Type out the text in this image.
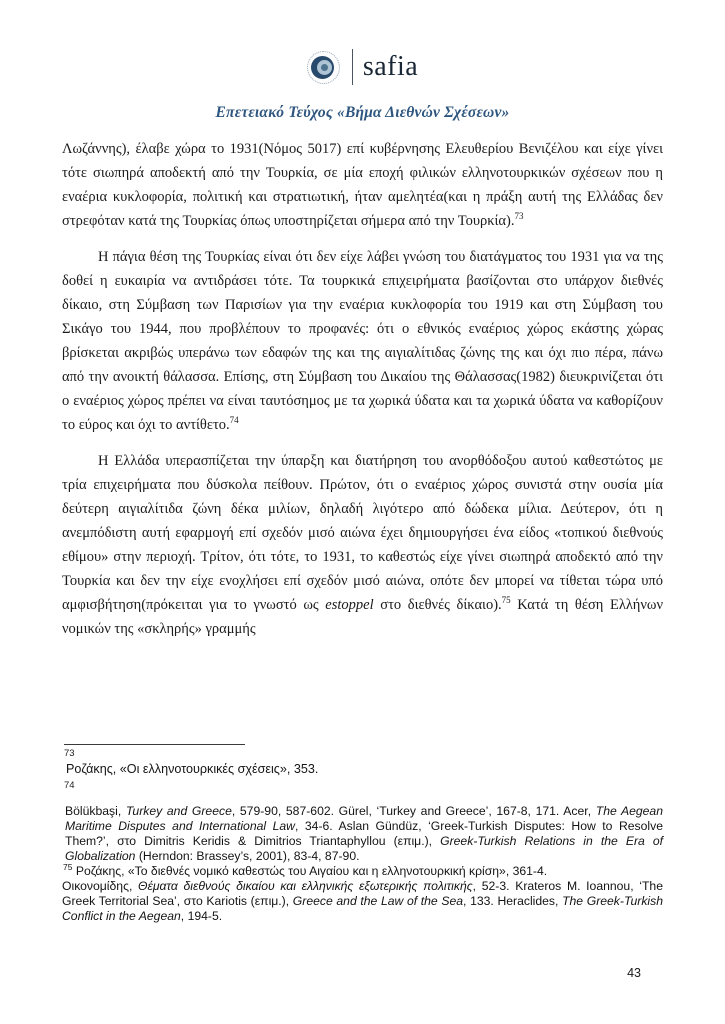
safia
Επετειακό Τεύχος «Βήμα Διεθνών Σχέσεων»

Λωζάννης), έλαβε χώρα το 1931(Νόμος 5017) επί κυβέρνησης Ελευθερίου Βενιζέλου και είχε γίνει τότε σιωπηρά αποδεκτή από την Τουρκία, σε μία εποχή φιλικών ελληνοτουρκικών σχέσεων που η εναέρια κυκλοφορία, πολιτική και στρατιωτική, ήταν αμελητέα(και η πράξη αυτή της Ελλάδας δεν στρεφόταν κατά της Τουρκίας όπως υποστηρίζεται σήμερα από την Τουρκία).$^{73}$

Η πάγια θέση της Τουρκίας είναι ότι δεν είχε λάβει γνώση του διατάγματος του 1931 για να της δοθεί η ευκαιρία να αντιδράσει τότε. Τα τουρκικά επιχειρήματα βασίζονται στο υπάρχον διεθνές δίκαιο, στη Σύμβαση των Παρισίων για την εναέρια κυκλοφορία του 1919 και στη Σύμβαση του Σικάγο του 1944, που προβλέπουν το προφανές: ότι ο εθνικός εναέριος χώρος εκάστης χώρας βρίσκεται ακριβώς υπεράνω των εδαφών της και της αιγιαλίτιδας ζώνης της και όχι πιο πέρα, πάνω από την ανοικτή θάλασσα. Επίσης, στη Σύμβαση του Δικαίου της Θάλασσας(1982) διευκρινίζεται ότι ο εναέριος χώρος πρέπει να είναι ταυτόσημος με τα χωρικά ύδατα και τα χωρικά ύδατα να καθορίζουν το εύρος και όχι το αντίθετο.$^{74}$

Η Ελλάδα υπερασπίζεται την ύπαρξη και διατήρηση του ανορθόδοξου αυτού καθεστώτος με τρία επιχειρήματα που δύσκολα πείθουν. Πρώτον, ότι ο εναέριος χώρος συνιστά στην ουσία μία δεύτερη αιγιαλίτιδα ζώνη δέκα μιλίων, δηλαδή λιγότερο από δώδεκα μίλια. Δεύτερον, ότι η ανεμπόδιστη αυτή εφαρμογή επί σχεδόν μισό αιώνα έχει δημιουργήσει ένα είδος «τοπικού διεθνούς εθίμου» στην περιοχή. Τρίτον, ότι τότε, το 1931, το καθεστώς είχε γίνει σιωπηρά αποδεκτό από την Τουρκία και δεν την είχε ενοχλήσει επί σχεδόν μισό αιώνα, οπότε δεν μπορεί να τίθεται τώρα υπό αμφισβήτηση(πρόκειται για το γνωστό ως estoppel στο διεθνές δίκαιο).$^{75}$ Κατά τη θέση Ελλήνων νομικών της «σκληρής» γραμμής

73
Ροζάκης, «Οι ελληνοτουρκικές σχέσεις», 353.
74
Bölükbaşi, Turkey and Greece, 579-90, 587-602. Gürel, ‘Turkey and Greece’, 167-8, 171. Acer, The Aegean Maritime Disputes and International Law, 34-6. Aslan Gündüz, ‘Greek-Turkish Disputes: How to Resolve Them?’, στο Dimitris Keridis & Dimitrios Triantaphyllou (επιμ.), Greek-Turkish Relations in the Era of Globalization (Herndon: Brassey’s, 2001), 83-4, 87-90.
$^{75}$ Ροζάκης, «Το διεθνές νομικό καθεστώς του Αιγαίου και η ελληνοτουρκική κρίση», 361-4.
Οικονομίδης, Θέματα διεθνούς δικαίου και ελληνικής εξωτερικής πολιτικής, 52-3. Krateros M. Ioannou, ‘The Greek Territorial Sea’, στο Kariotis (επιμ.), Greece and the Law of the Sea, 133. Heraclides, The Greek-Turkish Conflict in the Aegean, 194-5.
43
